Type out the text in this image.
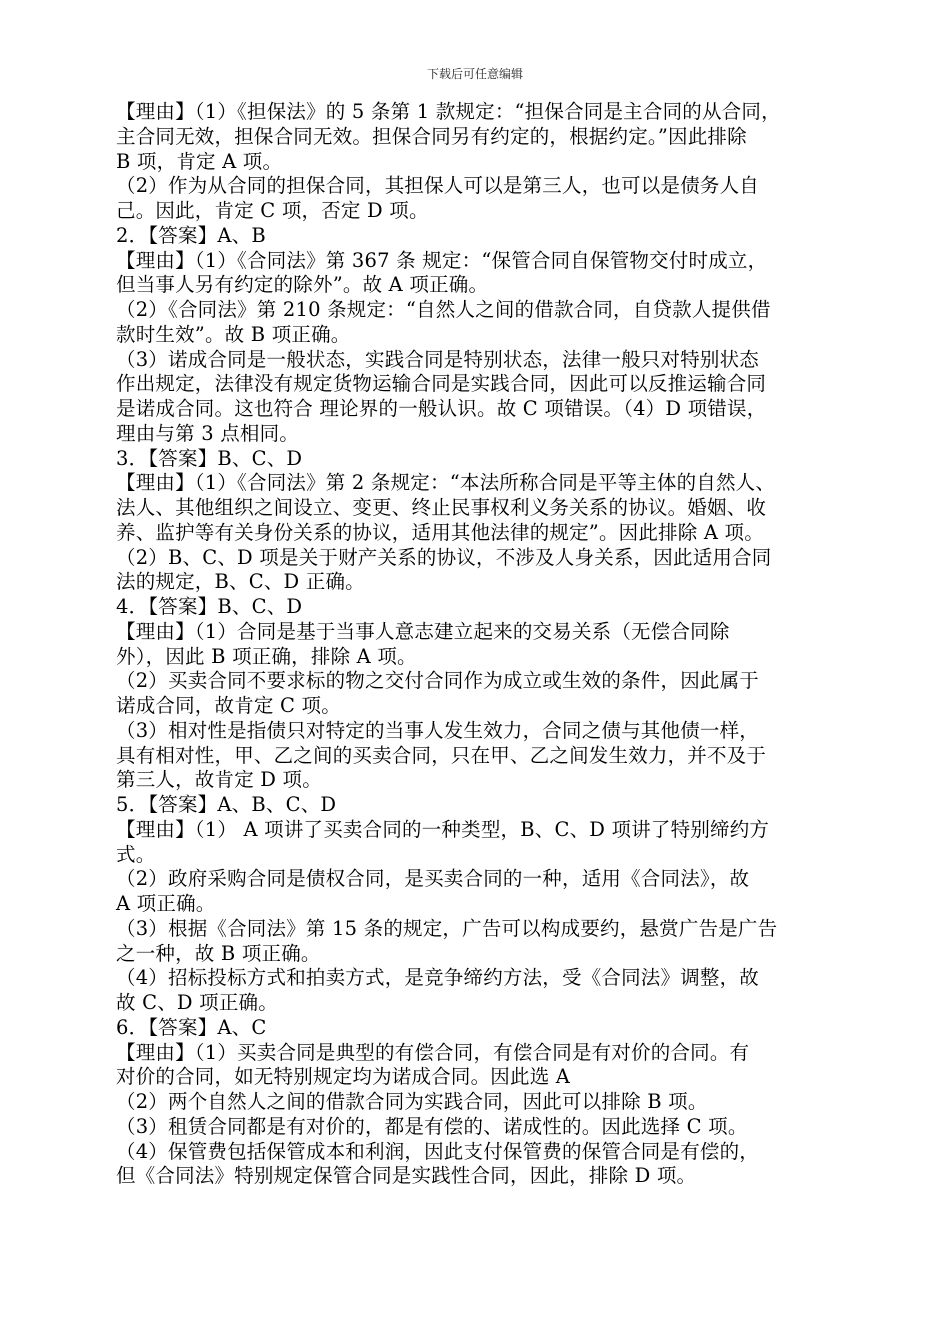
下载后可任意编辑
【理由】（1）《担保法》的 5 条第 1 款规定：“担保合同是主合同的从合同，
主合同无效，担保合同无效。担保合同另有约定的，根据约定。”因此排除
B 项，肯定 A 项。
（2）作为从合同的担保合同，其担保人可以是第三人，也可以是债务人自
己。因此，肯定 C 项，否定 D 项。
2．【答案】A、B
【理由】（1）《合同法》第 367 条 规定：“保管合同自保管物交付时成立，
但当事人另有约定的除外”。故 A 项正确。
（2）《合同法》第 210 条规定：“自然人之间的借款合同，自贷款人提供借
款时生效”。故 B 项正确。
（3）诺成合同是一般状态，实践合同是特别状态，法律一般只对特别状态
作出规定，法律没有规定货物运输合同是实践合同，因此可以反推运输合同
是诺成合同。这也符合 理论界的一般认识。故 C 项错误。（4）D 项错误，
理由与第 3 点相同。
3．【答案】B、C、D
【理由】（1）《合同法》第 2 条规定：“本法所称合同是平等主体的自然人、
法人、其他组织之间设立、变更、终止民事权利义务关系的协议。婚姻、收
养、监护等有关身份关系的协议，适用其他法律的规定”。因此排除 A 项。
（2）B、C、D 项是关于财产关系的协议，不涉及人身关系，因此适用合同
法的规定，B、C、D 正确。
4．【答案】B、C、D
【理由】（1）合同是基于当事人意志建立起来的交易关系（无偿合同除
外），因此 B 项正确，排除 A 项。
（2）买卖合同不要求标的物之交付合同作为成立或生效的条件，因此属于
诺成合同，故肯定 C 项。
（3）相对性是指债只对特定的当事人发生效力，合同之债与其他债一样，
具有相对性，甲、乙之间的买卖合同，只在甲、乙之间发生效力，并不及于
第三人，故肯定 D 项。
5．【答案】A、B、C、D
【理由】（1） A 项讲了买卖合同的一种类型，B、C、D 项讲了特别缔约方
式。
（2）政府采购合同是债权合同，是买卖合同的一种，适用《合同法》，故
A 项正确。
（3）根据《合同法》第 15 条的规定，广告可以构成要约，悬赏广告是广告
之一种，故 B 项正确。
（4）招标投标方式和拍卖方式，是竞争缔约方法，受《合同法》调整，故
故 C、D 项正确。
6．【答案】A、C
【理由】（1）买卖合同是典型的有偿合同，有偿合同是有对价的合同。有
对价的合同，如无特别规定均为诺成合同。因此选 A
（2）两个自然人之间的借款合同为实践合同，因此可以排除 B 项。
（3）租赁合同都是有对价的，都是有偿的、诺成性的。因此选择 C 项。
（4）保管费包括保管成本和利润，因此支付保管费的保管合同是有偿的，
但《合同法》特别规定保管合同是实践性合同，因此，排除 D 项。
